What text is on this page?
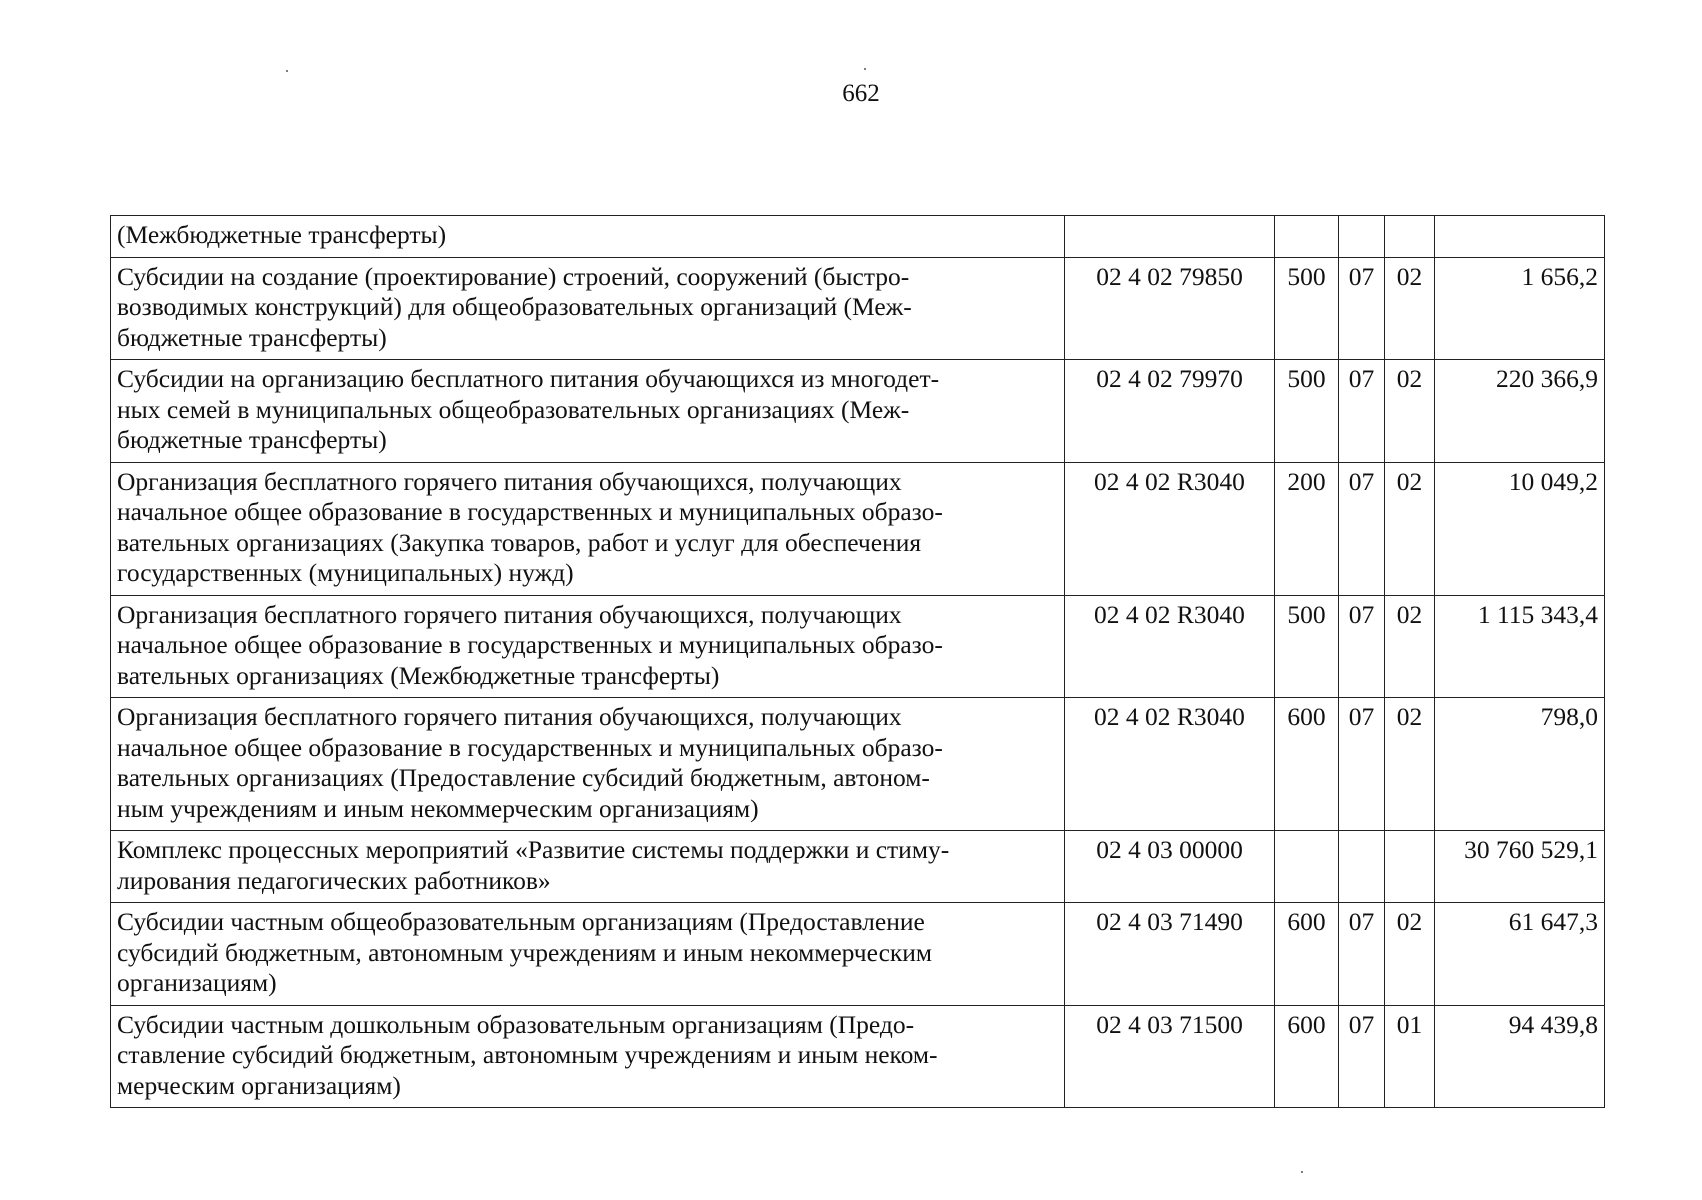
662
(Межбюджетные трансферты)					

Субсидии на создание (проектирование) строений, сооружений (быстро-
возводимых конструкций) для общеобразовательных организаций (Меж-
бюджетные трансферты)	02 4 02 79850	500	07	02	1 656,2

Субсидии на организацию бесплатного питания обучающихся из многодет-
ных семей в муниципальных общеобразовательных организациях (Меж-
бюджетные трансферты)	02 4 02 79970	500	07	02	220 366,9

Организация бесплатного горячего питания обучающихся, получающих
начальное общее образование в государственных и муниципальных образо-
вательных организациях (Закупка товаров, работ и услуг для обеспечения
государственных (муниципальных) нужд)	02 4 02 R3040	200	07	02	10 049,2

Организация бесплатного горячего питания обучающихся, получающих
начальное общее образование в государственных и муниципальных образо-
вательных организациях (Межбюджетные трансферты)	02 4 02 R3040	500	07	02	1 115 343,4

Организация бесплатного горячего питания обучающихся, получающих
начальное общее образование в государственных и муниципальных образо-
вательных организациях (Предоставление субсидий бюджетным, автоном-
ным учреждениям и иным некоммерческим организациям)	02 4 02 R3040	600	07	02	798,0

Комплекс процессных мероприятий «Развитие системы поддержки и стиму-
лирования педагогических работников»	02 4 03 00000				30 760 529,1

Субсидии частным общеобразовательным организациям (Предоставление
субсидий бюджетным, автономным учреждениям и иным некоммерческим
организациям)	02 4 03 71490	600	07	02	61 647,3

Субсидии частным дошкольным образовательным организациям (Предо-
ставление субсидий бюджетным, автономным учреждениям и иным неком-
мерческим организациям)	02 4 03 71500	600	07	01	94 439,8
